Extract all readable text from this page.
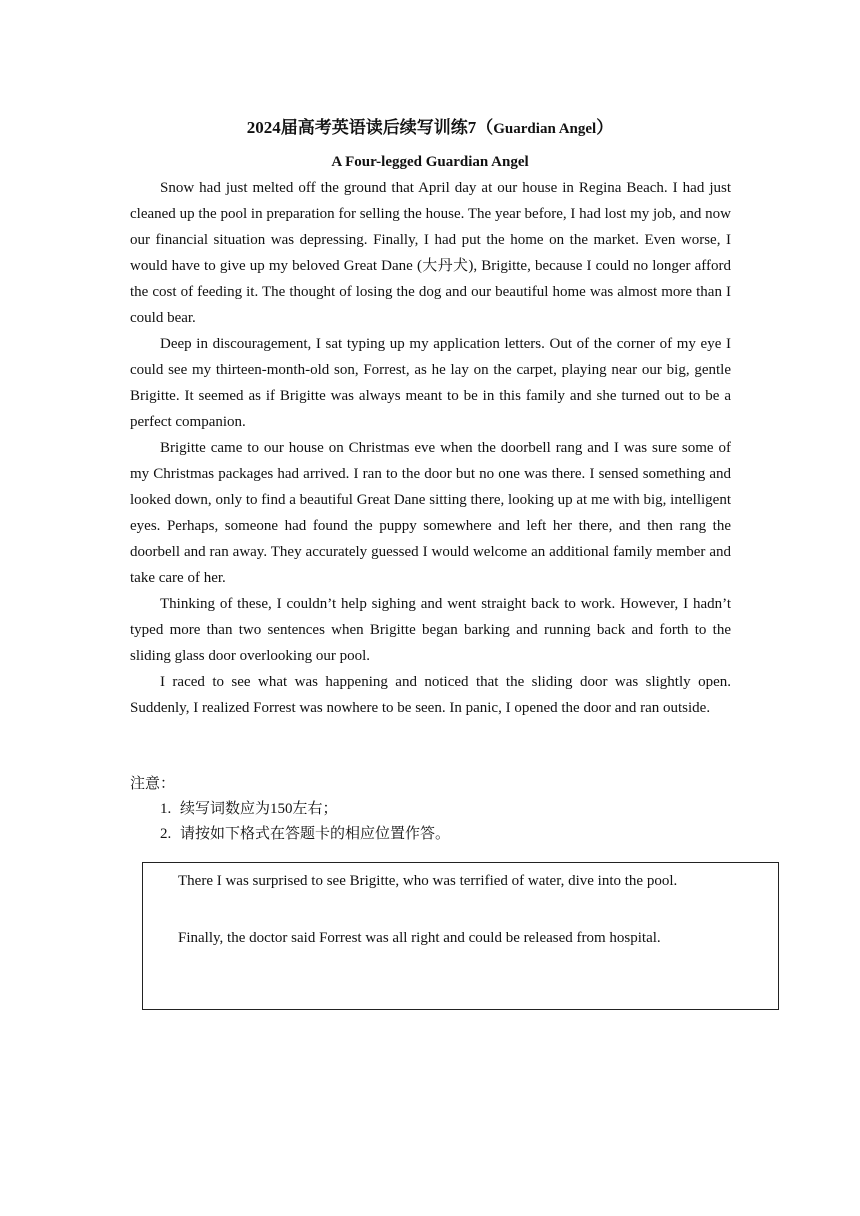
2024届高考英语读后续写训练7（Guardian Angel）
A Four-legged Guardian Angel

Snow had just melted off the ground that April day at our house in Regina Beach. I had just cleaned up the pool in preparation for selling the house. The year before, I had lost my job, and now our financial situation was depressing. Finally, I had put the home on the market. Even worse, I would have to give up my beloved Great Dane (大丹犬), Brigitte, because I could no longer afford the cost of feeding it. The thought of losing the dog and our beautiful home was almost more than I could bear.

Deep in discouragement, I sat typing up my application letters. Out of the corner of my eye I could see my thirteen-month-old son, Forrest, as he lay on the carpet, playing near our big, gentle Brigitte. It seemed as if Brigitte was always meant to be in this family and she turned out to be a perfect companion.

Brigitte came to our house on Christmas eve when the doorbell rang and I was sure some of my Christmas packages had arrived. I ran to the door but no one was there. I sensed something and looked down, only to find a beautiful Great Dane sitting there, looking up at me with big, intelligent eyes. Perhaps, someone had found the puppy somewhere and left her there, and then rang the doorbell and ran away. They accurately guessed I would welcome an additional family member and take care of her.

Thinking of these, I couldn’t help sighing and went straight back to work. However, I hadn’t typed more than two sentences when Brigitte began barking and running back and forth to the sliding glass door overlooking our pool.

I raced to see what was happening and noticed that the sliding door was slightly open. Suddenly, I realized Forrest was nowhere to be seen. In panic, I opened the door and ran outside.

注意：

1. 续写词数应为150左右；
2. 请按如下格式在答题卡的相应位置作答。
There I was surprised to see Brigitte, who was terrified of water, dive into the pool.
Finally, the doctor said Forrest was all right and could be released from hospital.
